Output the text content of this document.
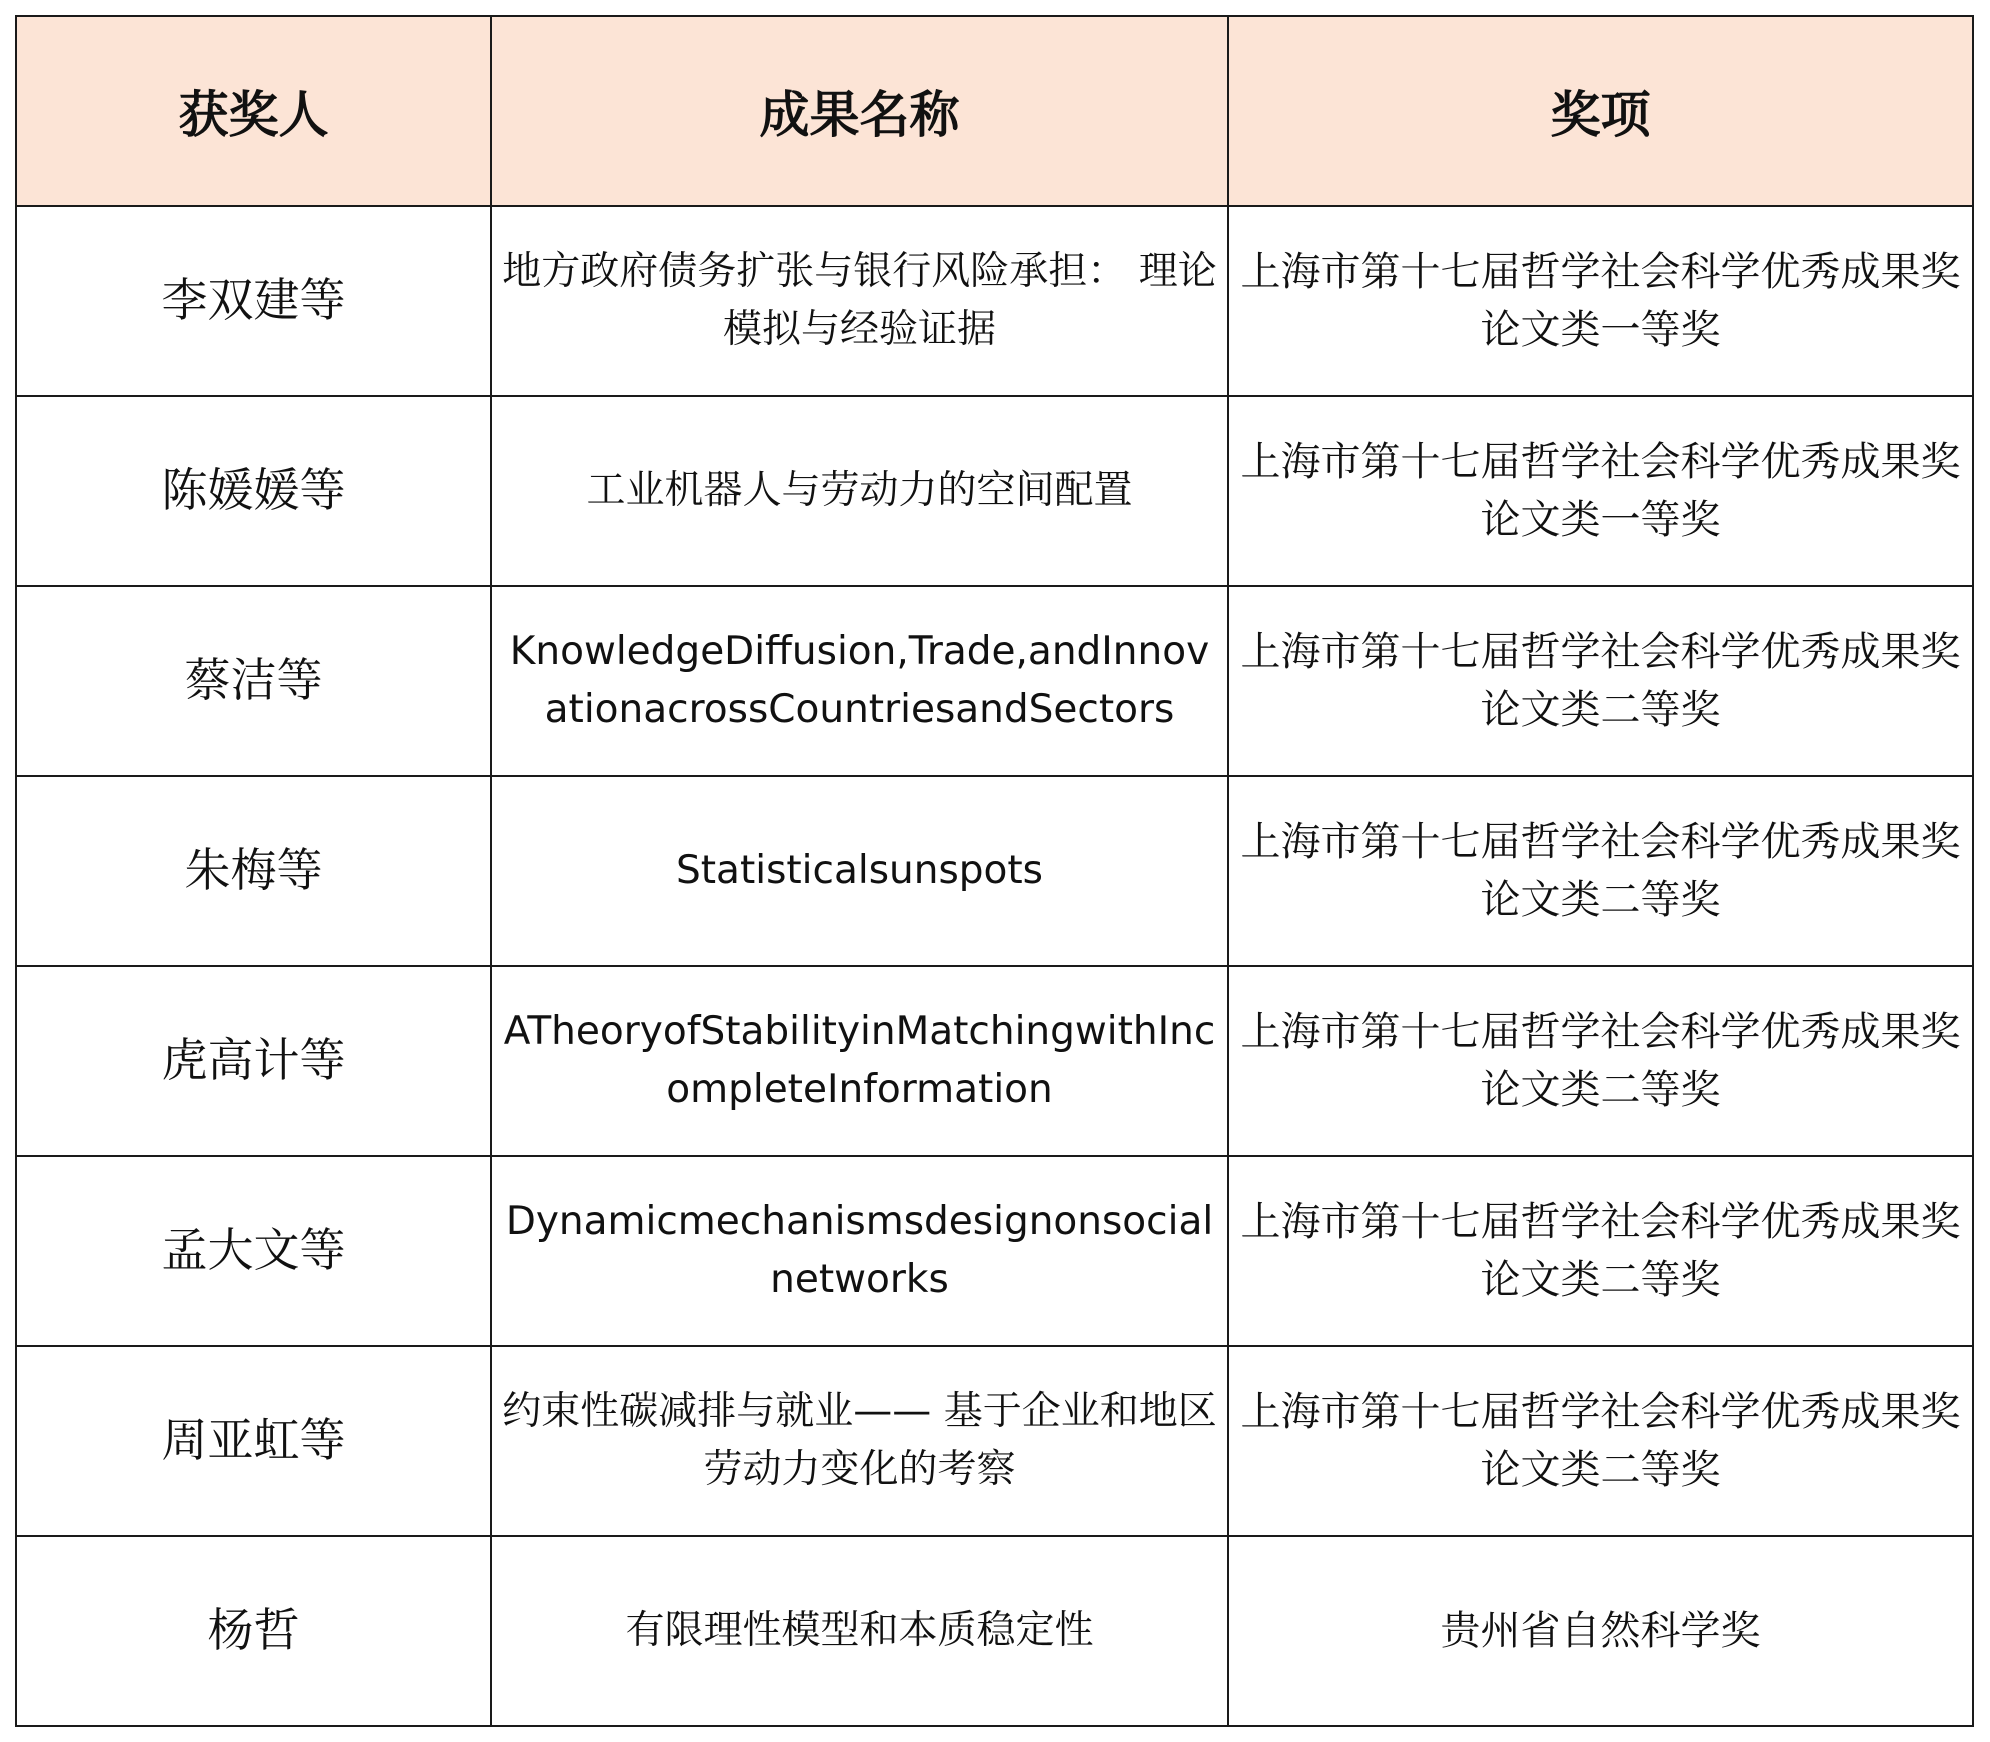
获奖人	成果名称	奖项
李双建等	地方政府债务扩张与银行风险承担： 理论模拟与经验证据	上海市第十七届哲学社会科学优秀成果奖
论文类一等奖

陈媛媛等	工业机器人与劳动力的空间配置	上海市第十七届哲学社会科学优秀成果奖
论文类一等奖

蔡洁等	KnowledgeDiffusion,Trade,andInnovationacrossCountriesandSectors	上海市第十七届哲学社会科学优秀成果奖
论文类二等奖

朱梅等	Statisticalsunspots	上海市第十七届哲学社会科学优秀成果奖
论文类二等奖

虎高计等	ATheoryofStabilityinMatchingwithIncompleteInformation	上海市第十七届哲学社会科学优秀成果奖
论文类二等奖

孟大文等	Dynamicmechanismsdesignonsocialnetworks	上海市第十七届哲学社会科学优秀成果奖
论文类二等奖

周亚虹等	约束性碳减排与就业—— 基于企业和地区劳动力变化的考察	上海市第十七届哲学社会科学优秀成果奖
论文类二等奖

杨哲	有限理性模型和本质稳定性	贵州省自然科学奖
